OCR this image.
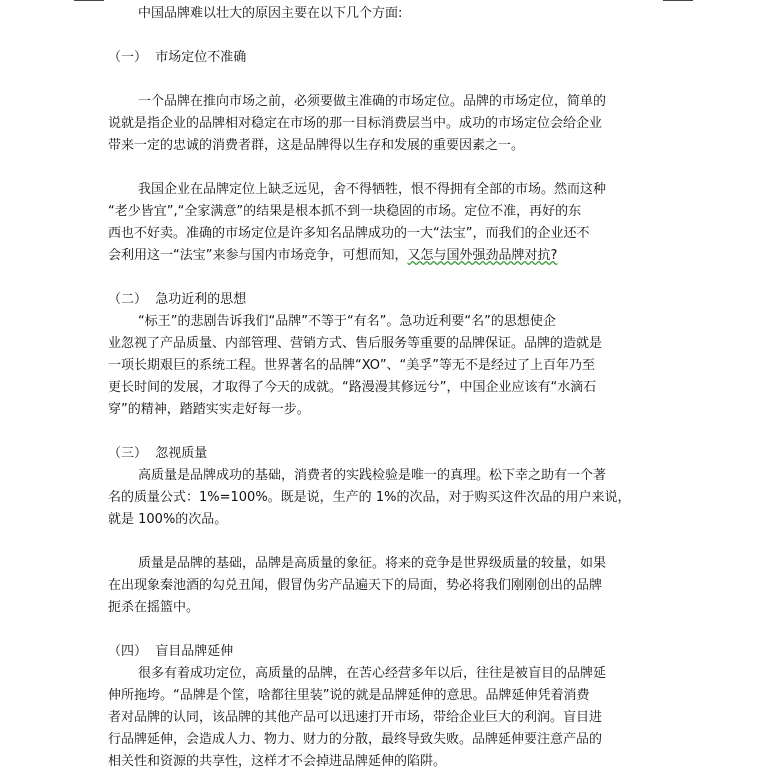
中国品牌难以壮大的原因主要在以下几个方面:
（一）  市场定位不准确
一个品牌在推向市场之前，必须要做主准确的市场定位。品牌的市场定位，简单的
说就是指企业的品牌相对稳定在市场的那一目标消费层当中。成功的市场定位会给企业
带来一定的忠诚的消费者群，这是品牌得以生存和发展的重要因素之一。
我国企业在品牌定位上缺乏远见，舍不得牺牲，恨不得拥有全部的市场。然而这种
“老少皆宜”,“全家满意”的结果是根本抓不到一块稳固的市场。定位不准，再好的东
西也不好卖。准确的市场定位是许多知名品牌成功的一大“法宝”，而我们的企业还不
会利用这一“法宝”来参与国内市场竞争，可想而知，又怎与国外强劲品牌对抗?
（二）  急功近利的思想
“标王”的悲剧告诉我们“品牌”不等于“有名”。急功近利要“名”的思想使企
业忽视了产品质量、内部管理、营销方式、售后服务等重要的品牌保证。品牌的造就是
一项长期艰巨的系统工程。世界著名的品牌“XO”、“美孚”等无不是经过了上百年乃至
更长时间的发展，才取得了今天的成就。“路漫漫其修远兮”，中国企业应该有“水滴石
穿”的精神，踏踏实实走好每一步。
（三）  忽视质量
高质量是品牌成功的基础，消费者的实践检验是唯一的真理。松下幸之助有一个著
名的质量公式：1%=100%。既是说，生产的 1%的次品，对于购买这件次品的用户来说，
就是 100%的次品。
质量是品牌的基础，品牌是高质量的象征。将来的竞争是世界级质量的较量，如果
在出现象秦池酒的勾兑丑闻，假冒伪劣产品遍天下的局面，势必将我们刚刚创出的品牌
扼杀在摇篮中。
（四）  盲目品牌延伸
很多有着成功定位，高质量的品牌，在苦心经营多年以后，往往是被盲目的品牌延
伸所拖垮。“品牌是个筐，啥都往里装”说的就是品牌延伸的意思。品牌延伸凭着消费
者对品牌的认同，该品牌的其他产品可以迅速打开市场，带给企业巨大的利润。盲目进
行品牌延伸，会造成人力、物力、财力的分散，最终导致失败。品牌延伸要注意产品的
相关性和资源的共享性，这样才不会掉进品牌延伸的陷阱。
